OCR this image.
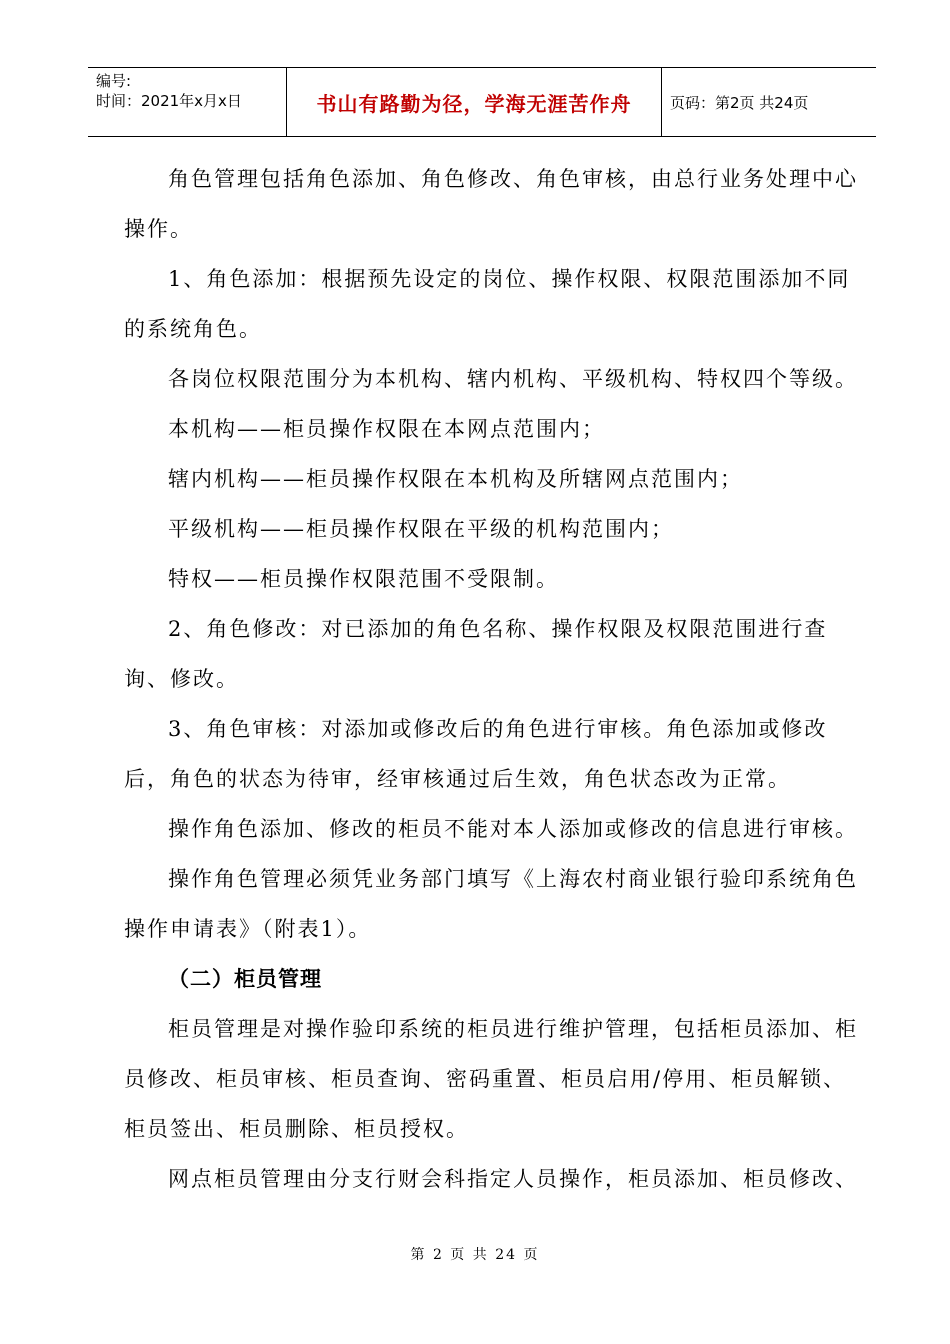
编号:
时间：2021年x月x日	书山有路勤为径，学海无涯苦作舟	页码：第2页 共24页

角色管理包括角色添加、角色修改、角色审核，由总行业务处理中心操作。

1、角色添加：根据预先设定的岗位、操作权限、权限范围添加不同的系统角色。

各岗位权限范围分为本机构、辖内机构、平级机构、特权四个等级。

本机构——柜员操作权限在本网点范围内；

辖内机构——柜员操作权限在本机构及所辖网点范围内；

平级机构——柜员操作权限在平级的机构范围内；

特权——柜员操作权限范围不受限制。

2、角色修改：对已添加的角色名称、操作权限及权限范围进行查询、修改。

3、角色审核：对添加或修改后的角色进行审核。角色添加或修改后，角色的状态为待审，经审核通过后生效，角色状态改为正常。

操作角色添加、修改的柜员不能对本人添加或修改的信息进行审核。

操作角色管理必须凭业务部门填写《上海农村商业银行验印系统角色操作申请表》（附表1）。

（二）柜员管理

柜员管理是对操作验印系统的柜员进行维护管理，包括柜员添加、柜员修改、柜员审核、柜员查询、密码重置、柜员启用/停用、柜员解锁、柜员签出、柜员删除、柜员授权。

网点柜员管理由分支行财会科指定人员操作，柜员添加、柜员修改、

第 2 页 共 24 页
